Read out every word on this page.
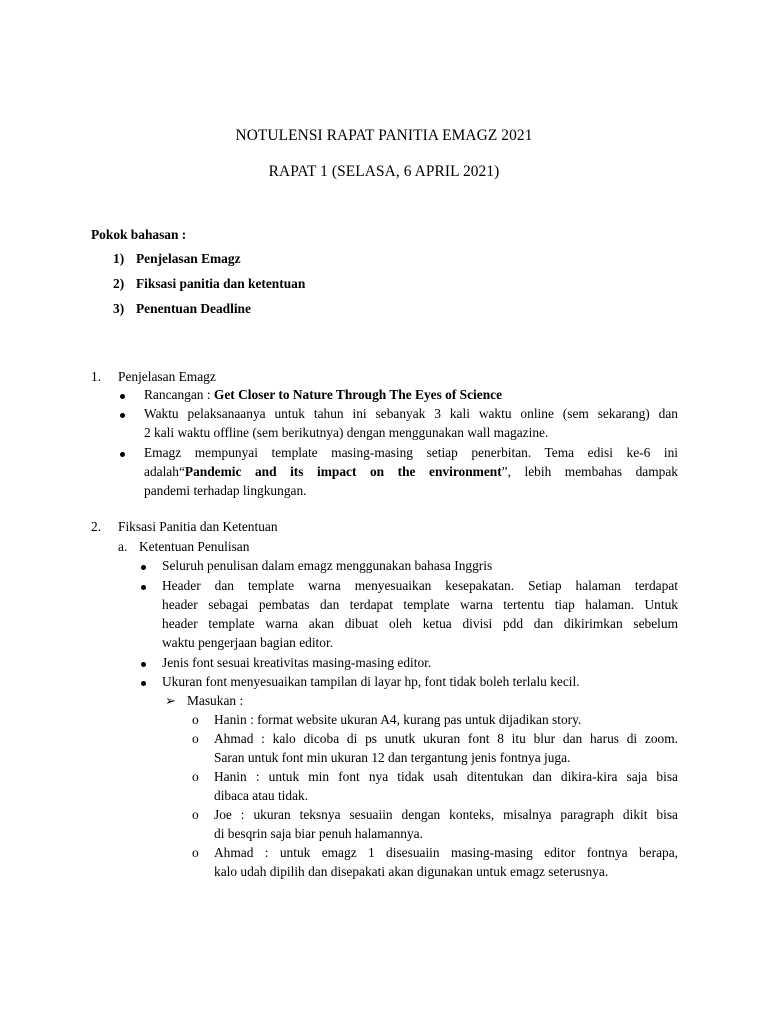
NOTULENSI RAPAT PANITIA EMAGZ 2021
RAPAT 1 (SELASA, 6 APRIL 2021)
Pokok bahasan :
1) Penjelasan Emagz
2) Fiksasi panitia dan ketentuan
3) Penentuan Deadline
1. Penjelasan Emagz
Rancangan : Get Closer to Nature Through The Eyes of Science
Waktu pelaksanaanya untuk tahun ini sebanyak 3 kali waktu online (sem sekarang) dan
2 kali waktu offline (sem berikutnya) dengan menggunakan wall magazine.
Emagz mempunyai template masing-masing setiap penerbitan. Tema edisi ke-6 ini
adalah“Pandemic and its impact on the environment”, lebih membahas dampak
pandemi terhadap lingkungan.
2. Fiksasi Panitia dan Ketentuan
a. Ketentuan Penulisan
Seluruh penulisan dalam emagz menggunakan bahasa Inggris
Header dan template warna menyesuaikan kesepakatan. Setiap halaman terdapat
header sebagai pembatas dan terdapat template warna tertentu tiap halaman. Untuk
header template warna akan dibuat oleh ketua divisi pdd dan dikirimkan sebelum
waktu pengerjaan bagian editor.
Jenis font sesuai kreativitas masing-masing editor.
Ukuran font menyesuaikan tampilan di layar hp, font tidak boleh terlalu kecil.
➢ Masukan :
o Hanin : format website ukuran A4, kurang pas untuk dijadikan story.
o Ahmad : kalo dicoba di ps unutk ukuran font 8 itu blur dan harus di zoom.
Saran untuk font min ukuran 12 dan tergantung jenis fontnya juga.
o Hanin : untuk min font nya tidak usah ditentukan dan dikira-kira saja bisa
dibaca atau tidak.
o Joe : ukuran teksnya sesuaiin dengan konteks, misalnya paragraph dikit bisa
di besqrin saja biar penuh halamannya.
o Ahmad : untuk emagz 1 disesuaiin masing-masing editor fontnya berapa,
kalo udah dipilih dan disepakati akan digunakan untuk emagz seterusnya.
